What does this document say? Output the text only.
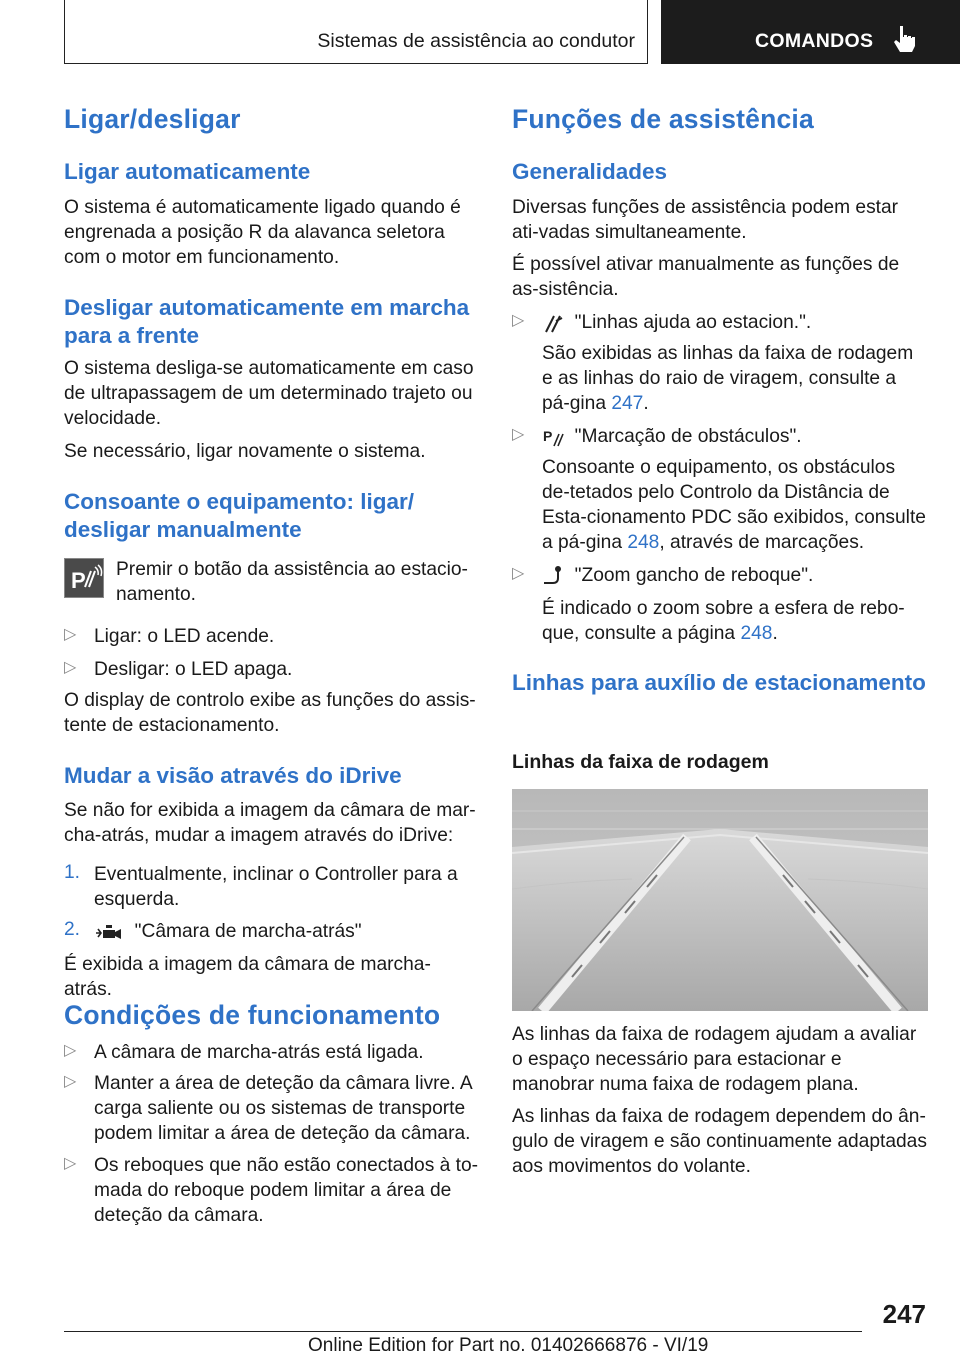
Sistemas de assistência ao condutor	COMANDOS
Ligar/desligar
Ligar automaticamente

O sistema é automaticamente ligado quando é engrenada a posição R da alavanca seletora com o motor em funcionamento.

Desligar automaticamente em marcha para a frente

O sistema desliga-se automaticamente em caso de ultrapassagem de um determinado trajeto ou velocidade.

Se necessário, ligar novamente o sistema.

Consoante o equipamento: ligar/ desligar manualmente
P Premir o botão da assistência ao estacio-namento.

▷ Ligar: o LED acende.
▷ Desligar: o LED apaga.

O display de controlo exibe as funções do assis-tente de estacionamento.

Mudar a visão através do iDrive

Se não for exibida a imagem da câmara de mar-cha-atrás, mudar a imagem através do iDrive:

1. Eventualmente, inclinar o Controller para a esquerda.
2.	"Câmara de marcha-atrás"

É exibida a imagem da câmara de marcha-atrás.

Condições de funcionamento
▷ A câmara de marcha-atrás está ligada.
▷ Manter a área de deteção da câmara livre. A carga saliente ou os sistemas de transporte podem limitar a área de deteção da câmara.
▷ Os reboques que não estão conectados à to-mada do reboque podem limitar a área de deteção da câmara.
Funções de assistência
Generalidades

Diversas funções de assistência podem estar ati-vadas simultaneamente.

É possível ativar manualmente as funções de as-sistência.

▷	"Linhas ajuda ao estacion.".

São exibidas as linhas da faixa de rodagem e as linhas do raio de viragem, consulte a pá-gina 247.

▷ P "Marcação de obstáculos".

Consoante o equipamento, os obstáculos de-tetados pelo Controlo da Distância de Esta-cionamento PDC são exibidos, consulte a pá-gina 248, através de marcações.

▷	"Zoom gancho de reboque".

É indicado o zoom sobre a esfera de rebo-que, consulte a página 248.

Linhas para auxílio de estacionamento
Linhas da faixa de rodagem

As linhas da faixa de rodagem ajudam a avaliar o espaço necessário para estacionar e manobrar numa faixa de rodagem plana.

As linhas da faixa de rodagem dependem do ân-gulo de viragem e são continuamente adaptadas aos movimentos do volante.

247
Online Edition for Part no. 01402666876 - VI/19
